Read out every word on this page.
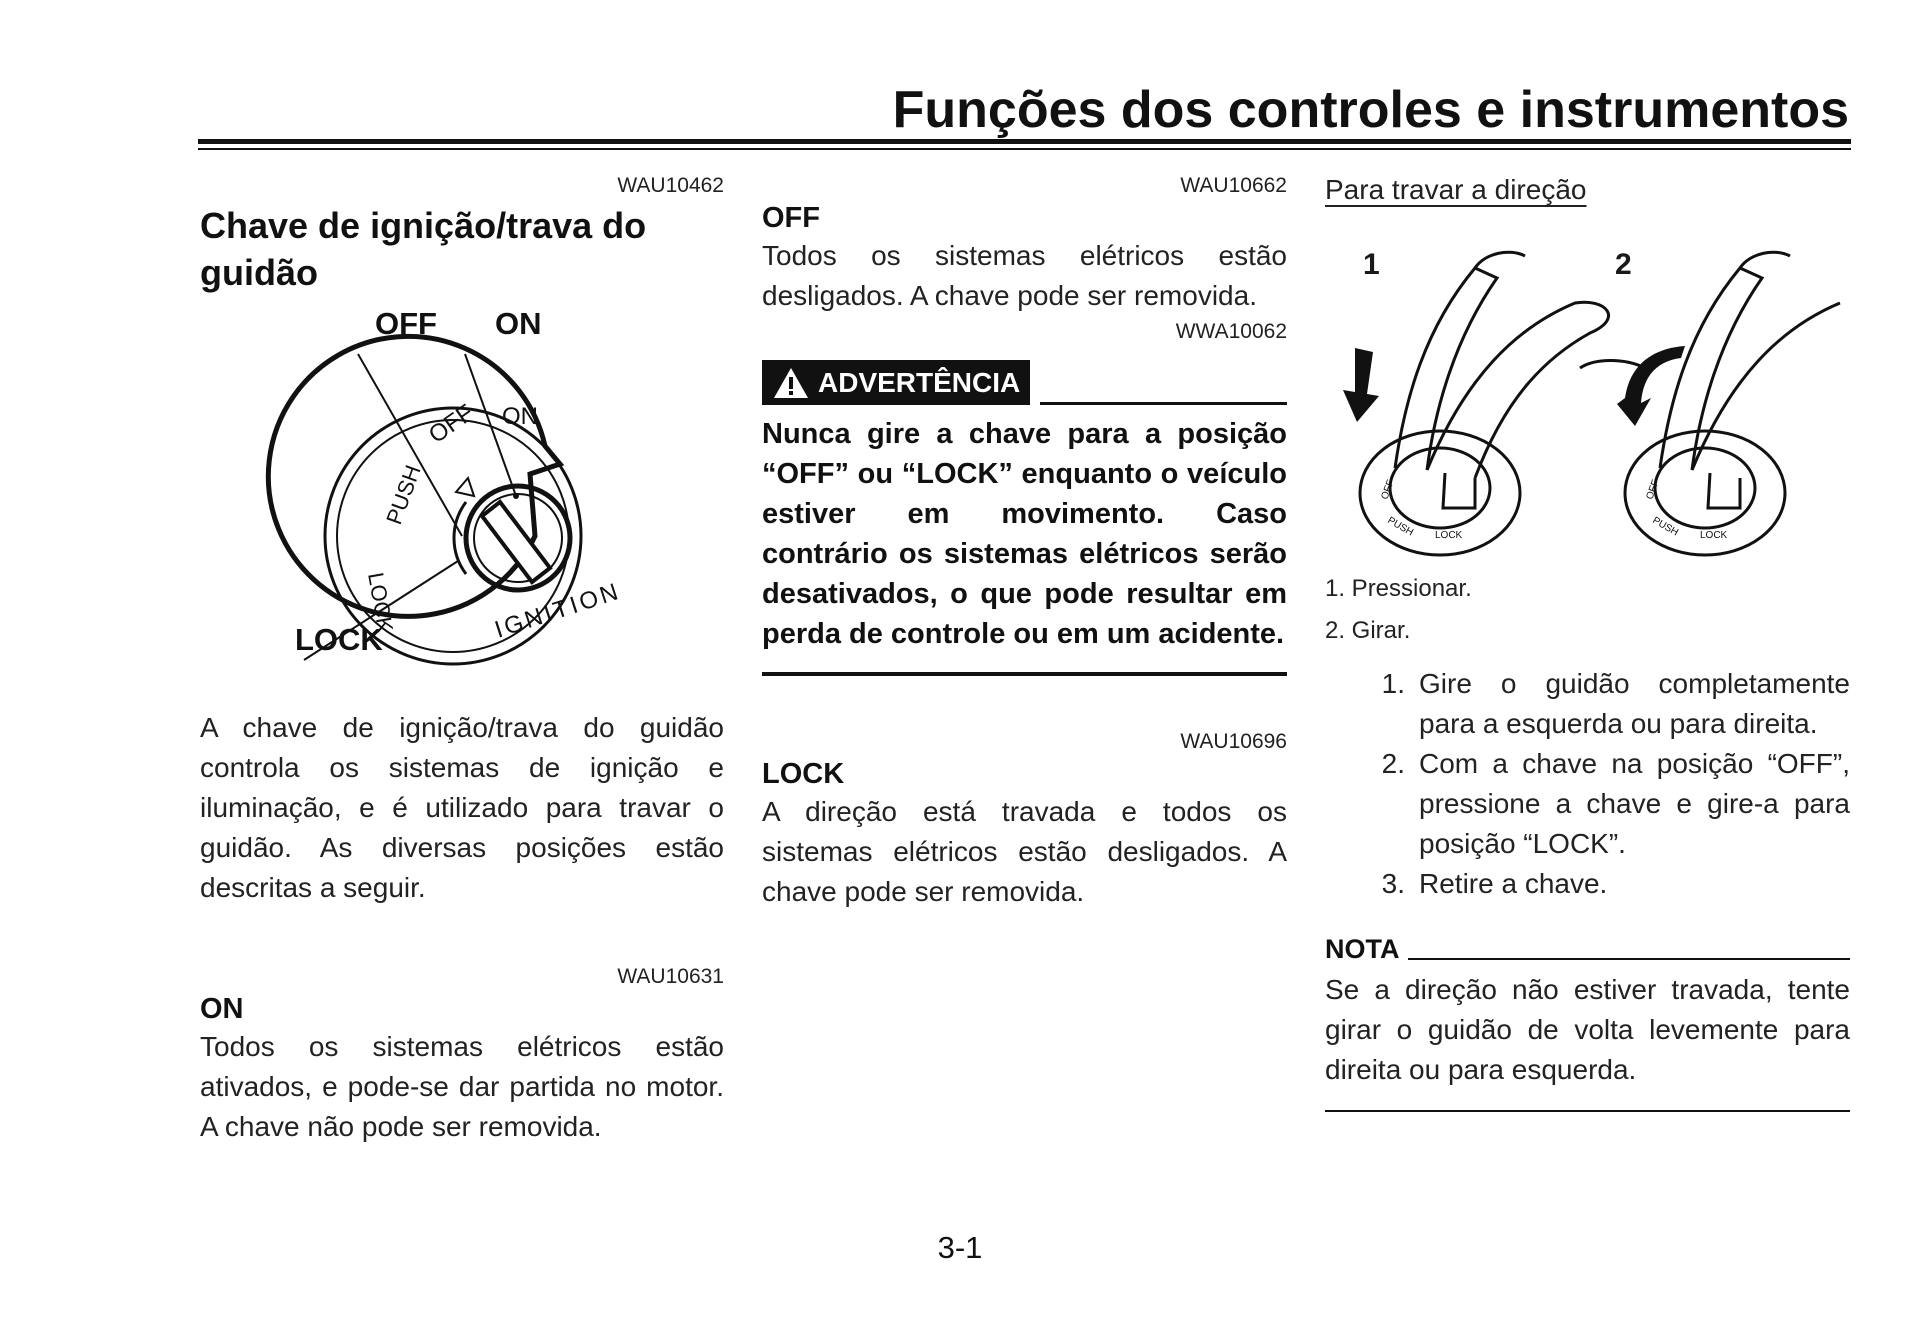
Funções dos controles e instrumentos
WAU10462
Chave de ignição/trava do guidão
OFF ON
PUSH
LOCK	IGNITION
OFF ON
LOCK
A chave de ignição/trava do guidão controla os sistemas de ignição e iluminação, e é utilizado para travar o guidão. As diversas posições estão descritas a seguir.
WAU10631
ON
Todos os sistemas elétricos estão ativados, e pode-se dar partida no motor. A chave não pode ser removida.
WAU10662
OFF
Todos os sistemas elétricos estão desligados. A chave pode ser removida.
WWA10062
ADVERTÊNCIA
Nunca gire a chave para a posição “OFF” ou “LOCK” enquanto o veículo estiver em movimento. Caso contrário os sistemas elétricos serão desativados, o que pode resultar em perda de controle ou em um acidente.
WAU10696
LOCK
A direção está travada e todos os sistemas elétricos estão desligados. A chave pode ser removida.
Para travar a direção
OFF
PUSH LOCK
OFF
PUSH LOCK
1	2
1. Pressionar.
2. Girar.
1. Gire o guidão completamente para a esquerda ou para direita.
2. Com a chave na posição “OFF”, pressione a chave e gire-a para posição “LOCK”.
3. Retire a chave.
NOTA
Se a direção não estiver travada, tente girar o guidão de volta levemente para direita ou para esquerda.
3-1
